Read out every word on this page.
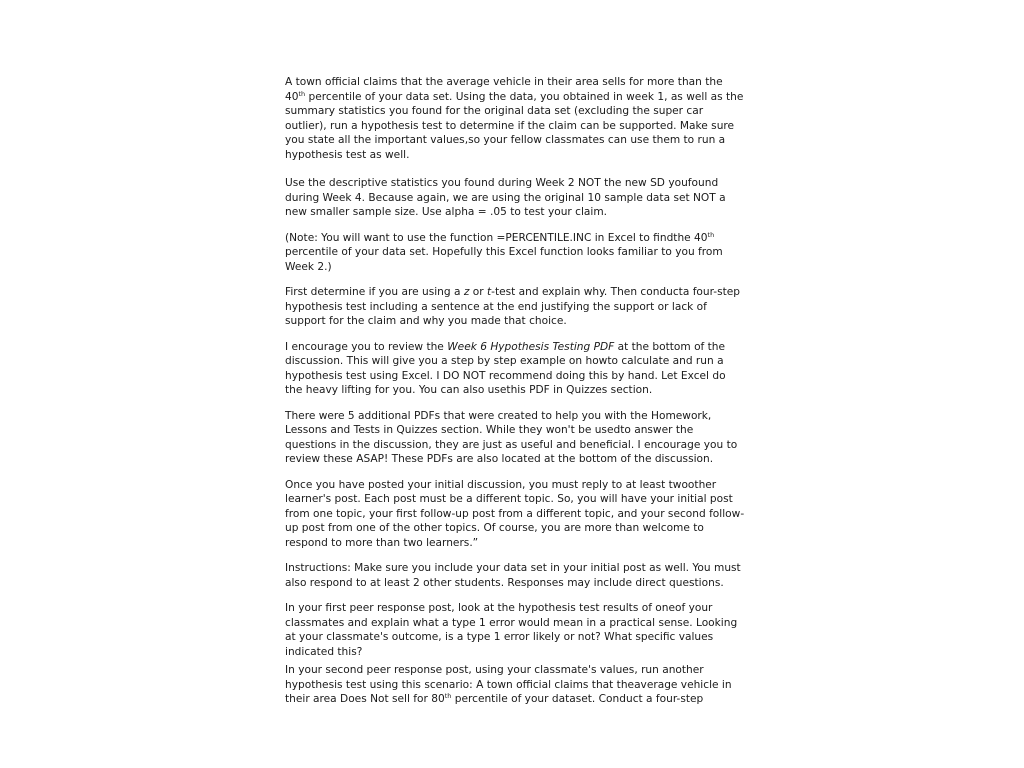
A town official claims that the average vehicle in their area sells for more than the 40th percentile of your data set. Using the data, you obtained in week 1, as well as the summary statistics you found for the original data set (excluding the super car outlier), run a hypothesis test to determine if the claim can be supported. Make sure you state all the important values,so your fellow classmates can use them to run a hypothesis test as well.

Use the descriptive statistics you found during Week 2 NOT the new SD youfound during Week 4. Because again, we are using the original 10 sample data set NOT a new smaller sample size. Use alpha = .05 to test your claim.

(Note: You will want to use the function =PERCENTILE.INC in Excel to findthe 40th percentile of your data set. Hopefully this Excel function looks familiar to you from Week 2.)

First determine if you are using a z or t-test and explain why. Then conducta four-step hypothesis test including a sentence at the end justifying the support or lack of support for the claim and why you made that choice.

I encourage you to review the Week 6 Hypothesis Testing PDF at the bottom of the discussion. This will give you a step by step example on howto calculate and run a hypothesis test using Excel. I DO NOT recommend doing this by hand. Let Excel do the heavy lifting for you. You can also usethis PDF in Quizzes section.

There were 5 additional PDFs that were created to help you with the Homework, Lessons and Tests in Quizzes section. While they won't be usedto answer the questions in the discussion, they are just as useful and beneficial. I encourage you to review these ASAP! These PDFs are also located at the bottom of the discussion.

Once you have posted your initial discussion, you must reply to at least twoother learner's post. Each post must be a different topic. So, you will have your initial post from one topic, your first follow-up post from a different topic, and your second follow-up post from one of the other topics. Of course, you are more than welcome to respond to more than two learners.”

Instructions: Make sure you include your data set in your initial post as well. You must also respond to at least 2 other students. Responses may include direct questions.

In your first peer response post, look at the hypothesis test results of oneof your classmates and explain what a type 1 error would mean in a practical sense. Looking at your classmate's outcome, is a type 1 error likely or not? What specific values indicated this?

In your second peer response post, using your classmate's values, run another hypothesis test using this scenario: A town official claims that theaverage vehicle in their area Does Not sell for 80th percentile of your dataset. Conduct a four-step
